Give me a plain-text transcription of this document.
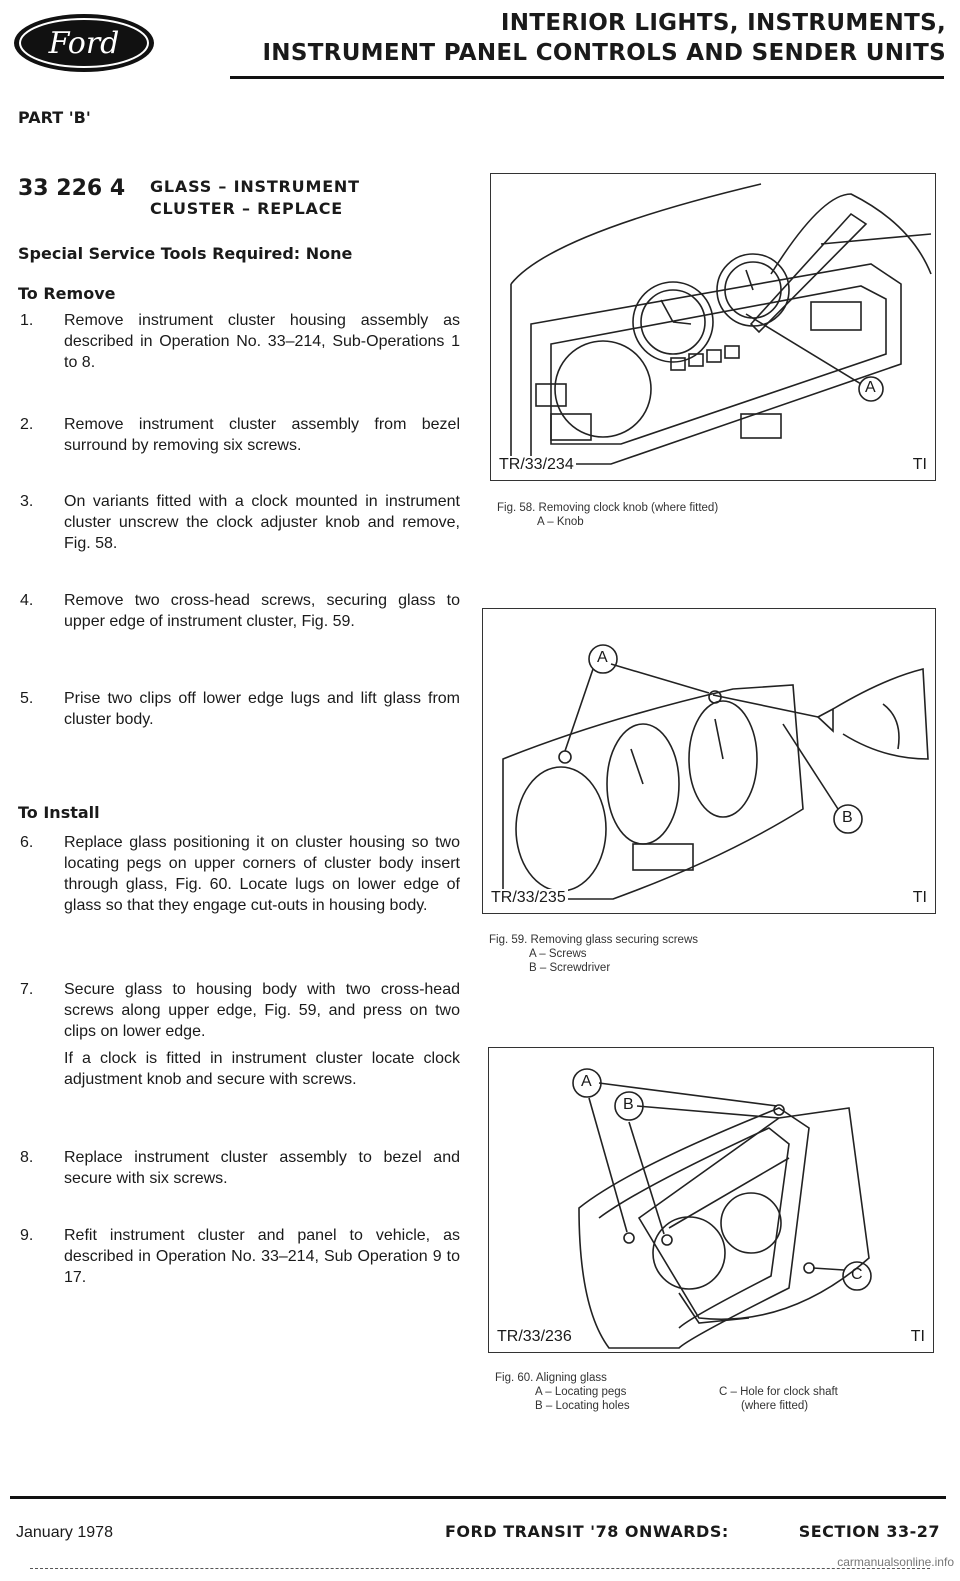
Ford
INTERIOR LIGHTS, INSTRUMENTS,
INSTRUMENT PANEL CONTROLS AND SENDER UNITS
PART 'B'
33 226 4 GLASS – INSTRUMENT
CLUSTER – REPLACE
Special Service Tools Required: None
To Remove
1.	Remove instrument cluster housing assembly as described in Operation No. 33–214, Sub-Operations 1 to 8.
2.	Remove instrument cluster assembly from bezel surround by removing six screws.
3.	On variants fitted with a clock mounted in instrument cluster unscrew the clock adjuster knob and remove, Fig. 58.
4.	Remove two cross-head screws, securing glass to upper edge of instrument cluster, Fig. 59.
5.	Prise two clips off lower edge lugs and lift glass from cluster body.
To Install
6.	Replace glass positioning it on cluster housing so two locating pegs on upper corners of cluster body insert through glass, Fig. 60. Locate lugs on lower edge of glass so that they engage cut-outs in housing body.
7.	Secure glass to housing body with two cross-head screws along upper edge, Fig. 59, and press on two clips on lower edge.
If a clock is fitted in instrument cluster locate clock adjustment knob and secure with screws.
8.	Replace instrument cluster assembly to bezel and secure with six screws.
9.	Refit instrument cluster and panel to vehicle, as described in Operation No. 33–214, Sub Operation 9 to 17.
TR/33/234	TI
A
Fig. 58. Removing clock knob (where fitted)
A – Knob
TR/33/235	TI
A
B
Fig. 59. Removing glass securing screws
A – Screws
B – Screwdriver
TR/33/236	TI
A
B
C
Fig. 60. Aligning glass
A – Locating pegs
B – Locating holes
C – Hole for clock shaft
(where fitted)
January 1978	FORD TRANSIT '78 ONWARDS:	SECTION 33-27
carmanualsonline.info
